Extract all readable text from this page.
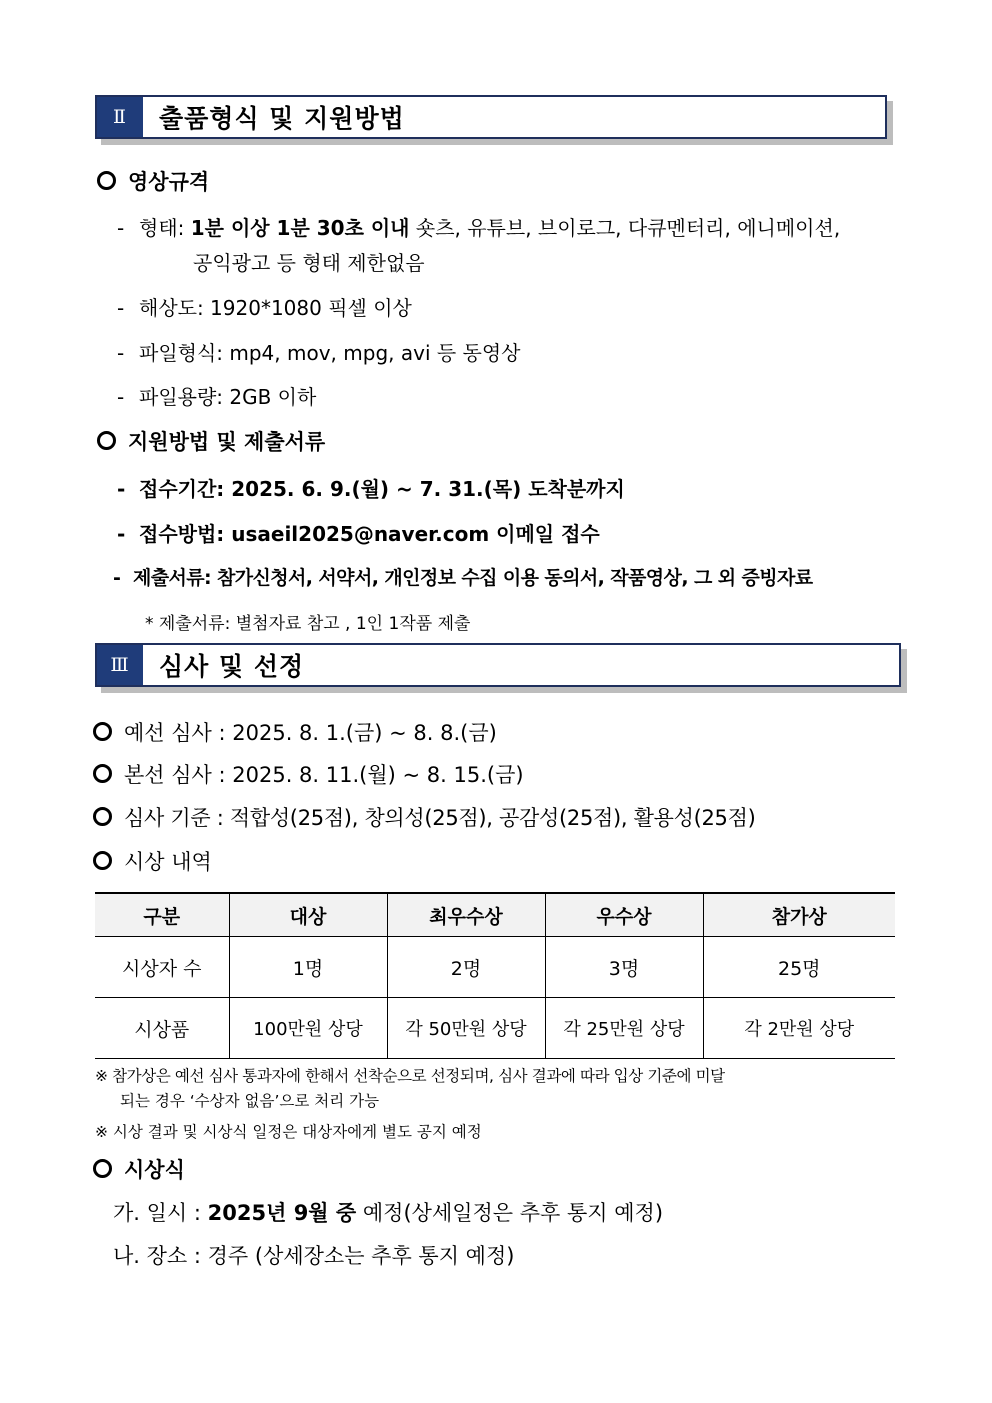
Ⅱ	출품형식 및 지원방법
영상규격
- 형태: 1분 이상 1분 30초 이내 숏츠, 유튜브, 브이로그, 다큐멘터리, 에니메이션,
공익광고 등 형태 제한없음
- 해상도: 1920*1080 픽셀 이상
- 파일형식: mp4, mov, mpg, avi 등 동영상
- 파일용량: 2GB 이하
지원방법 및 제출서류
- 접수기간: 2025. 6. 9.(월) ~ 7. 31.(목) 도착분까지
- 접수방법: usaeil2025@naver.com 이메일 접수
- 제출서류: 참가신청서, 서약서, 개인정보 수집 이용 동의서, 작품영상, 그 외 증빙자료
* 제출서류: 별첨자료 참고 , 1인 1작품 제출
Ⅲ	심사 및 선정
예선 심사 : 2025. 8. 1.(금) ~ 8. 8.(금)
본선 심사 : 2025. 8. 11.(월) ~ 8. 15.(금)
심사 기준 : 적합성(25점), 창의성(25점), 공감성(25점), 활용성(25점)
시상 내역
구분	대상	최우수상	우수상	참가상
시상자 수	1명	2명	3명	25명
시상품	100만원 상당	각 50만원 상당	각 25만원 상당	각 2만원 상당
※ 참가상은 예선 심사 통과자에 한해서 선착순으로 선정되며, 심사 결과에 따라 입상 기준에 미달
되는 경우 ‘수상자 없음’으로 처리 가능
※ 시상 결과 및 시상식 일정은 대상자에게 별도 공지 예정
시상식
가. 일시 : 2025년 9월 중 예정(상세일정은 추후 통지 예정)
나. 장소 : 경주 (상세장소는 추후 통지 예정)
